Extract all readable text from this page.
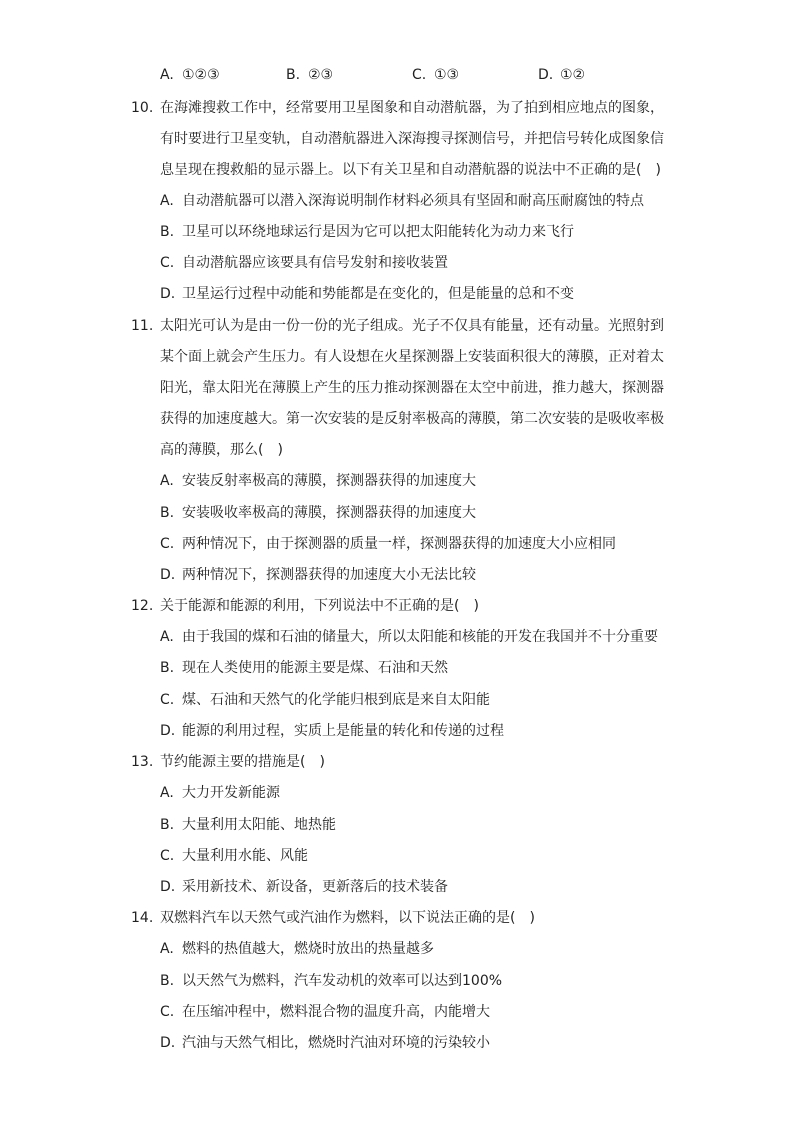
A. ①②③	B. ②③	C. ①③	D. ①②
10. 在海滩搜救工作中，经常要用卫星图象和自动潜航器，为了拍到相应地点的图象，
有时要进行卫星变轨，自动潜航器进入深海搜寻探测信号，并把信号转化成图象信
息呈现在搜救船的显示器上。以下有关卫星和自动潜航器的说法中不正确的是(　)
A. 自动潜航器可以潜入深海说明制作材料必须具有坚固和耐高压耐腐蚀的特点
B. 卫星可以环绕地球运行是因为它可以把太阳能转化为动力来飞行
C. 自动潜航器应该要具有信号发射和接收装置
D. 卫星运行过程中动能和势能都是在变化的，但是能量的总和不变
11. 太阳光可认为是由一份一份的光子组成。光子不仅具有能量，还有动量。光照射到
某个面上就会产生压力。有人设想在火星探测器上安装面积很大的薄膜，正对着太
阳光，靠太阳光在薄膜上产生的压力推动探测器在太空中前进，推力越大，探测器
获得的加速度越大。第一次安装的是反射率极高的薄膜，第二次安装的是吸收率极
高的薄膜，那么(　)
A. 安装反射率极高的薄膜，探测器获得的加速度大
B. 安装吸收率极高的薄膜，探测器获得的加速度大
C. 两种情况下，由于探测器的质量一样，探测器获得的加速度大小应相同
D. 两种情况下，探测器获得的加速度大小无法比较
12. 关于能源和能源的利用，下列说法中不正确的是(　)
A. 由于我国的煤和石油的储量大，所以太阳能和核能的开发在我国并不十分重要
B. 现在人类使用的能源主要是煤、石油和天然
C. 煤、石油和天然气的化学能归根到底是来自太阳能
D. 能源的利用过程，实质上是能量的转化和传递的过程
13. 节约能源主要的措施是(　)
A. 大力开发新能源
B. 大量利用太阳能、地热能
C. 大量利用水能、风能
D. 采用新技术、新设备，更新落后的技术装备
14. 双燃料汽车以天然气或汽油作为燃料，以下说法正确的是(　)
A. 燃料的热值越大，燃烧时放出的热量越多
B. 以天然气为燃料，汽车发动机的效率可以达到100%
C. 在压缩冲程中，燃料混合物的温度升高，内能增大
D. 汽油与天然气相比，燃烧时汽油对环境的污染较小
